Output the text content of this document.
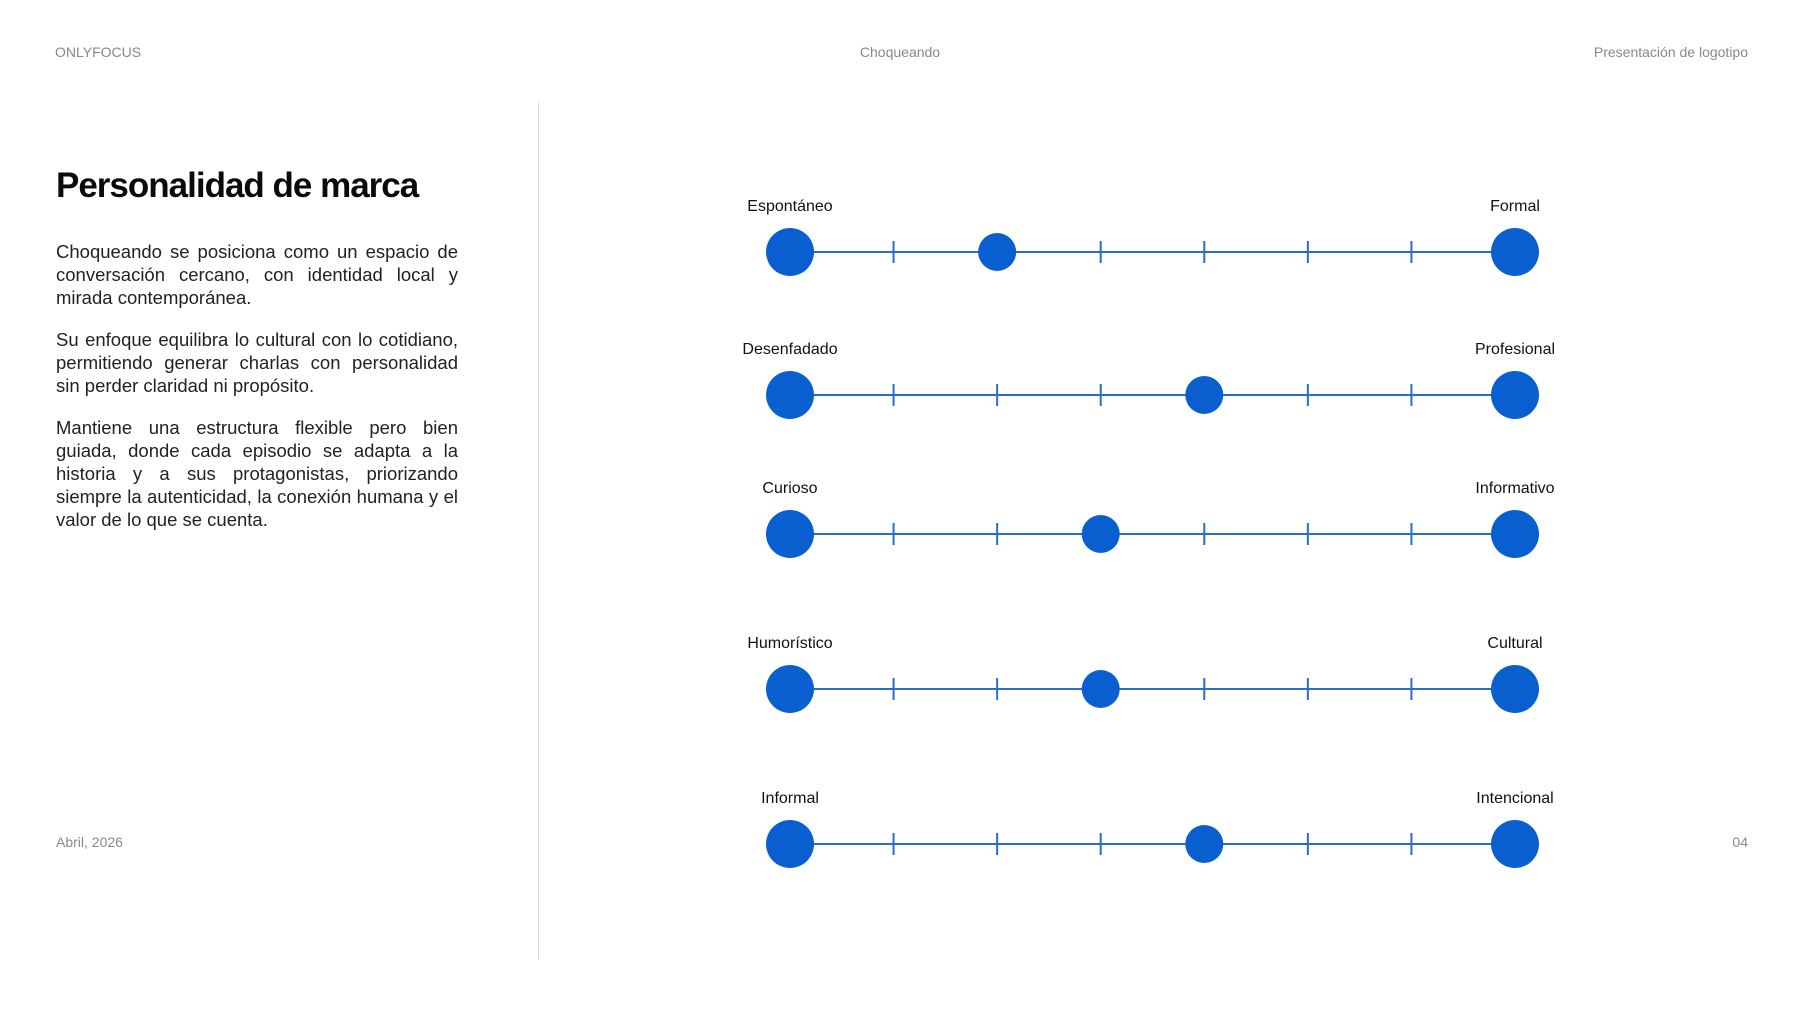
ONLYFOCUS	Choqueando	Presentación de logotipo
Personalidad de marca

Choqueando se posiciona como un espacio de conversación cercano, con identidad local y mirada contemporánea.

Su enfoque equilibra lo cultural con lo cotidiano, permitiendo generar charlas con personalidad sin perder claridad ni propósito.

Mantiene una estructura flexible pero bien guiada, donde cada episodio se adapta a la historia y a sus protagonistas, priorizando siempre la autenticidad, la conexión humana y el valor de lo que se cuenta.

Espontáneo	Formal
Desenfadado	Profesional
Curioso	Informativo
Humorístico	Cultural
Informal	Intencional
Abril, 2026	04
